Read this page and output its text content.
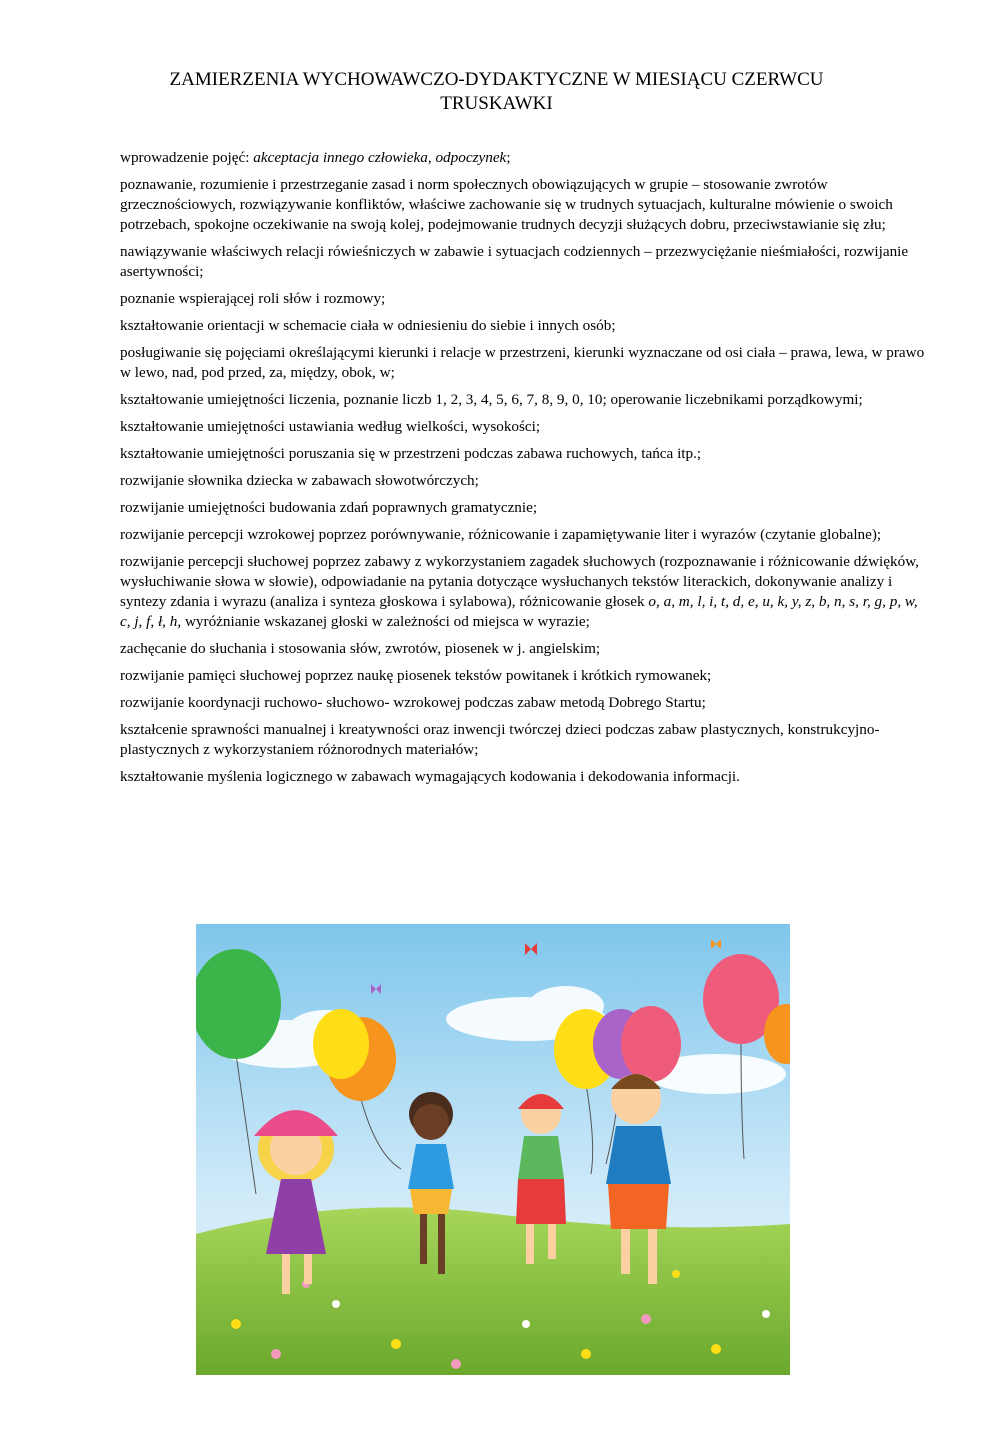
ZAMIERZENIA WYCHOWAWCZO-DYDAKTYCZNE W MIESIĄCU CZERWCU
TRUSKAWKI
wprowadzenie pojęć: akceptacja innego człowieka, odpoczynek;
poznawanie, rozumienie i przestrzeganie zasad i norm społecznych obowiązujących w grupie – stosowanie zwrotów grzecznościowych, rozwiązywanie konfliktów, właściwe zachowanie się w trudnych sytuacjach, kulturalne mówienie o swoich potrzebach, spokojne oczekiwanie na swoją kolej, podejmowanie trudnych decyzji służących dobru, przeciwstawianie się złu;
nawiązywanie właściwych relacji rówieśniczych w zabawie i sytuacjach codziennych – przezwyciężanie nieśmiałości, rozwijanie asertywności;
poznanie wspierającej roli słów i rozmowy;
kształtowanie orientacji w schemacie ciała w odniesieniu do siebie i innych osób;
posługiwanie się pojęciami określającymi kierunki i relacje w przestrzeni, kierunki wyznaczane od osi ciała – prawa, lewa, w prawo w lewo, nad, pod przed, za, między, obok, w;
kształtowanie umiejętności liczenia, poznanie liczb 1, 2, 3, 4, 5, 6, 7, 8, 9, 0, 10; operowanie liczebnikami porządkowymi;
kształtowanie umiejętności ustawiania według wielkości, wysokości;
kształtowanie umiejętności poruszania się w przestrzeni podczas zabawa ruchowych, tańca itp.;
rozwijanie słownika dziecka w zabawach słowotwórczych;
rozwijanie umiejętności budowania zdań poprawnych gramatycznie;
rozwijanie percepcji wzrokowej poprzez porównywanie, różnicowanie i zapamiętywanie liter i wyrazów (czytanie globalne);
rozwijanie percepcji słuchowej poprzez zabawy z wykorzystaniem zagadek słuchowych (rozpoznawanie i różnicowanie dźwięków, wysłuchiwanie słowa w słowie), odpowiadanie na pytania dotyczące wysłuchanych tekstów literackich, dokonywanie analizy i syntezy zdania i wyrazu (analiza i synteza głoskowa i sylabowa), różnicowanie głosek o, a, m, l, i, t, d, e, u, k, y, z, b, n, s, r, g, p, w, c, j, f, ł, h, wyróżnianie wskazanej głoski w zależności od miejsca w wyrazie;
zachęcanie do słuchania i stosowania słów, zwrotów, piosenek w j. angielskim;
rozwijanie pamięci słuchowej poprzez naukę piosenek tekstów powitanek i krótkich rymowanek;
rozwijanie koordynacji ruchowo- słuchowo- wzrokowej podczas zabaw metodą Dobrego Startu;
kształcenie sprawności manualnej i kreatywności oraz inwencji twórczej dzieci podczas zabaw plastycznych, konstrukcyjno- plastycznych z wykorzystaniem różnorodnych materiałów;
kształtowanie myślenia logicznego w zabawach wymagających kodowania i dekodowania informacji.
